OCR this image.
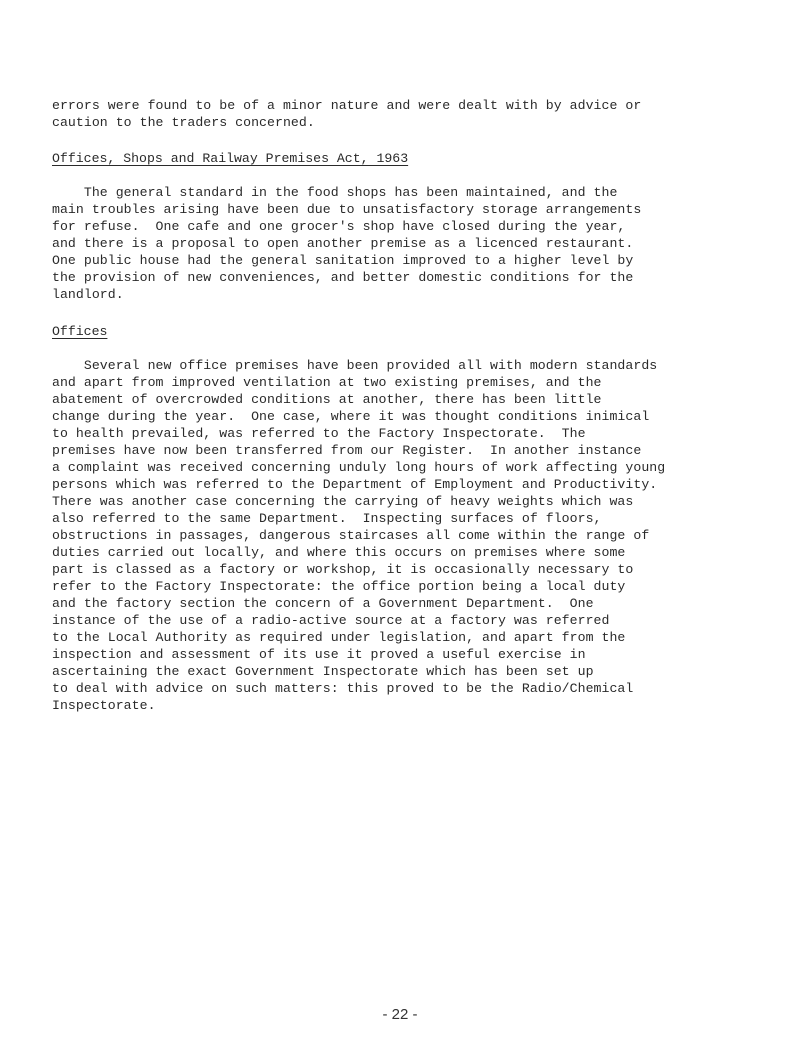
errors were found to be of a minor nature and were dealt with by advice or
caution to the traders concerned.
Offices, Shops and Railway Premises Act, 1963
The general standard in the food shops has been maintained, and the
main troubles arising have been due to unsatisfactory storage arrangements
for refuse.  One cafe and one grocer's shop have closed during the year,
and there is a proposal to open another premise as a licenced restaurant.
One public house had the general sanitation improved to a higher level by
the provision of new conveniences, and better domestic conditions for the
landlord.
Offices
Several new office premises have been provided all with modern standards
and apart from improved ventilation at two existing premises, and the
abatement of overcrowded conditions at another, there has been little
change during the year.  One case, where it was thought conditions inimical
to health prevailed, was referred to the Factory Inspectorate.  The
premises have now been transferred from our Register.  In another instance
a complaint was received concerning unduly long hours of work affecting young
persons which was referred to the Department of Employment and Productivity.
There was another case concerning the carrying of heavy weights which was
also referred to the same Department.  Inspecting surfaces of floors,
obstructions in passages, dangerous staircases all come within the range of
duties carried out locally, and where this occurs on premises where some
part is classed as a factory or workshop, it is occasionally necessary to
refer to the Factory Inspectorate: the office portion being a local duty
and the factory section the concern of a Government Department.  One
instance of the use of a radio-active source at a factory was referred
to the Local Authority as required under legislation, and apart from the
inspection and assessment of its use it proved a useful exercise in
ascertaining the exact Government Inspectorate which has been set up
to deal with advice on such matters: this proved to be the Radio/Chemical
Inspectorate.
- 22 -
